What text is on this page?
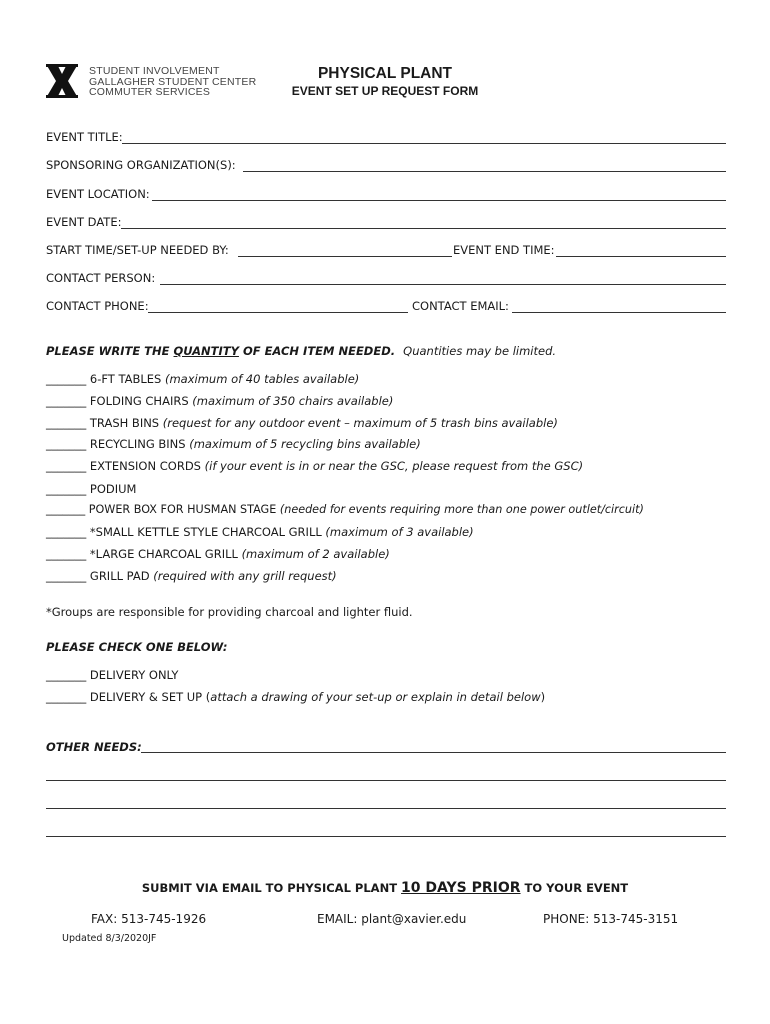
STUDENT INVOLVEMENT
GALLAGHER STUDENT CENTER
COMMUTER SERVICES
PHYSICAL PLANT
EVENT SET UP REQUEST FORM
EVENT TITLE:
SPONSORING ORGANIZATION(S):
EVENT LOCATION:
EVENT DATE:
START TIME/SET-UP NEEDED BY:	EVENT END TIME:
CONTACT PERSON:
CONTACT PHONE:	CONTACT EMAIL:
PLEASE WRITE THE QUANTITY OF EACH ITEM NEEDED. Quantities may be limited.
_______ 6-FT TABLES (maximum of 40 tables available)
_______ FOLDING CHAIRS (maximum of 350 chairs available)
_______ TRASH BINS (request for any outdoor event – maximum of 5 trash bins available)
_______ RECYCLING BINS (maximum of 5 recycling bins available)
_______ EXTENSION CORDS (if your event is in or near the GSC, please request from the GSC)
_______ PODIUM
_______ POWER BOX FOR HUSMAN STAGE (needed for events requiring more than one power outlet/circuit)
_______ *SMALL KETTLE STYLE CHARCOAL GRILL (maximum of 3 available)
_______ *LARGE CHARCOAL GRILL (maximum of 2 available)
_______ GRILL PAD (required with any grill request)
*Groups are responsible for providing charcoal and lighter fluid.
PLEASE CHECK ONE BELOW:
_______ DELIVERY ONLY
_______ DELIVERY & SET UP (attach a drawing of your set-up or explain in detail below)
OTHER NEEDS:
SUBMIT VIA EMAIL TO PHYSICAL PLANT 10 DAYS PRIOR TO YOUR EVENT
FAX: 513-745-1926	EMAIL: plant@xavier.edu	PHONE: 513-745-3151
Updated 8/3/2020JF
